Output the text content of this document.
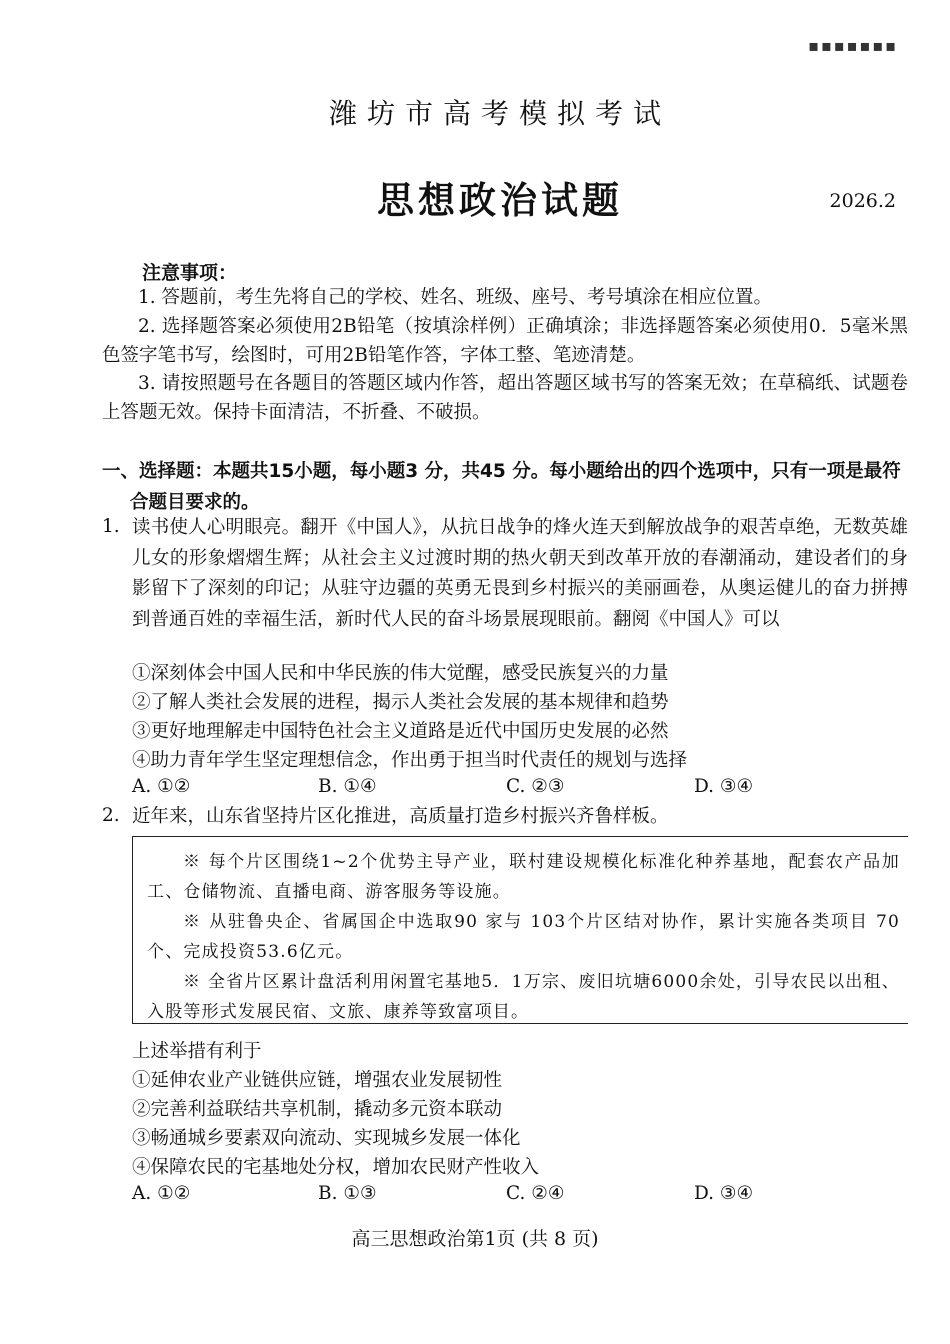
▪▪▪▪▪▪▪
潍坊市高考模拟考试
思想政治试题	2026.2
注意事项：
1. 答题前，考生先将自己的学校、姓名、班级、座号、考号填涂在相应位置。
2. 选择题答案必须使用2B铅笔（按填涂样例）正确填涂；非选择题答案必须使用0．5毫米黑色签字笔书写，绘图时，可用2B铅笔作答，字体工整、笔迹清楚。
3. 请按照题号在各题目的答题区域内作答，超出答题区域书写的答案无效；在草稿纸、试题卷上答题无效。保持卡面清洁，不折叠、不破损。
一、选择题：本题共15小题，每小题3 分，共45 分。每小题给出的四个选项中，只有一项是最符合题目要求的。
1. 读书使人心明眼亮。翻开《中国人》，从抗日战争的烽火连天到解放战争的艰苦卓绝，无数英雄儿女的形象熠熠生辉；从社会主义过渡时期的热火朝天到改革开放的春潮涌动，建设者们的身影留下了深刻的印记；从驻守边疆的英勇无畏到乡村振兴的美丽画卷，从奥运健儿的奋力拼搏到普通百姓的幸福生活，新时代人民的奋斗场景展现眼前。翻阅《中国人》可以
①深刻体会中国人民和中华民族的伟大觉醒，感受民族复兴的力量
②了解人类社会发展的进程，揭示人类社会发展的基本规律和趋势
③更好地理解走中国特色社会主义道路是近代中国历史发展的必然
④助力青年学生坚定理想信念，作出勇于担当时代责任的规划与选择
A. ①②	B. ①④	C. ②③	D. ③④
2. 近年来，山东省坚持片区化推进，高质量打造乡村振兴齐鲁样板。

※ 每个片区围绕1~2个优势主导产业，联村建设规模化标准化种养基地，配套农产品加工、仓储物流、直播电商、游客服务等设施。

※ 从驻鲁央企、省属国企中选取90 家与 103个片区结对协作，累计实施各类项目 70 个、完成投资53.6亿元。

※ 全省片区累计盘活利用闲置宅基地5．1万宗、废旧坑塘6000余处，引导农民以出租、入股等形式发展民宿、文旅、康养等致富项目。

上述举措有利于
①延伸农业产业链供应链，增强农业发展韧性
②完善利益联结共享机制，撬动多元资本联动
③畅通城乡要素双向流动、实现城乡发展一体化
④保障农民的宅基地处分权，增加农民财产性收入
A. ①②	B. ①③	C. ②④	D. ③④
高三思想政治第1页 (共 8 页)
